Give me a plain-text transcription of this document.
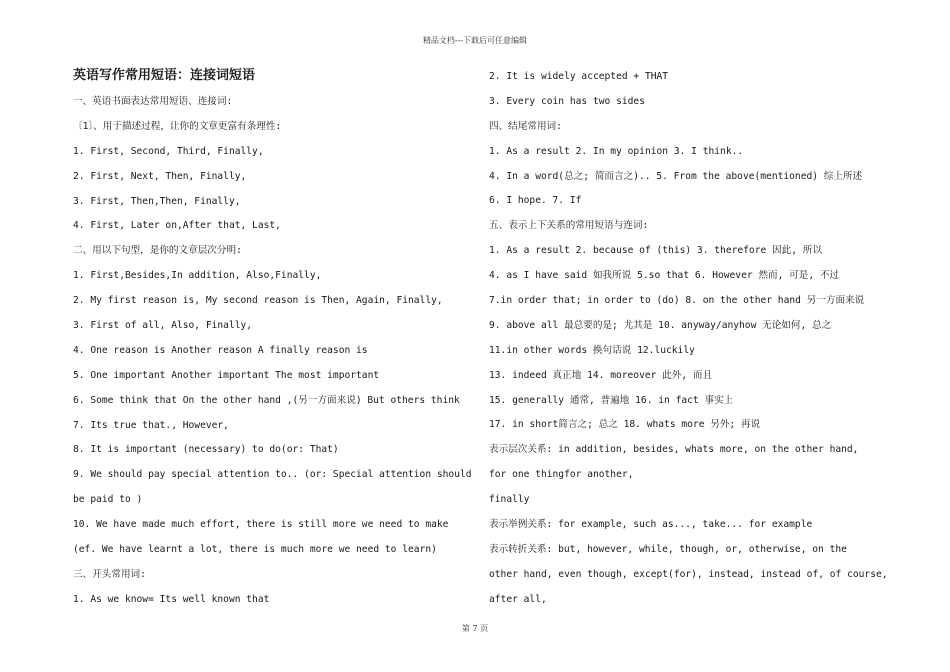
精品文档---下载后可任意编辑
英语写作常用短语：连接词短语
一、英语书面表达常用短语、连接词:
〔1〕、用于描述过程，让你的文章更富有条理性:
1. First, Second, Third, Finally,
2. First, Next, Then, Finally,
3. First, Then,Then, Finally,
4. First, Later on,After that, Last,
二、用以下句型，是你的文章层次分明:
1. First,Besides,In addition, Also,Finally,
2. My first reason is, My second reason is Then, Again, Finally,
3. First of all, Also, Finally,
4. One reason is Another reason A finally reason is
5. One important Another important The most important
6. Some think that On the other hand ,(另一方面来说) But others think
7. Its true that., However,
8. It is important (necessary) to do(or: That)
9. We should pay special attention to.. (or: Special attention should
be paid to )
10. We have made much effort, there is still more we need to make
(ef. We have learnt a lot, there is much more we need to learn)
三、开头常用词:
1. As we know= Its well known that
2. It is widely accepted + THAT
3. Every coin has two sides
四、结尾常用词:
1. As a result 2. In my opinion 3. I think..
4. In a word(总之; 简而言之).. 5. From the above(mentioned) 综上所述
6. I hope. 7. If
五、表示上下关系的常用短语与连词:
1. As a result 2. because of (this) 3. therefore 因此, 所以
4. as I have said 如我所说 5.so that 6. However 然而, 可是, 不过
7.in order that; in order to (do) 8. on the other hand 另一方面来说
9. above all 最总要的是; 尤其是 10. anyway/anyhow 无论如何, 总之
11.in other words 换句话说 12.luckily
13. indeed 真正地 14. moreover 此外, 而且
15. generally 通常, 普遍地 16. in fact 事实上
17. in short简言之; 总之 18. whats more 另外; 再说
表示层次关系: in addition, besides, whats more, on the other hand,
for one thingfor another,
finally
表示举例关系: for example, such as..., take... for example
表示转折关系: but, however, while, though, or, otherwise, on the
other hand, even though, except(for), instead, instead of, of course,
after all,
第 7 页
